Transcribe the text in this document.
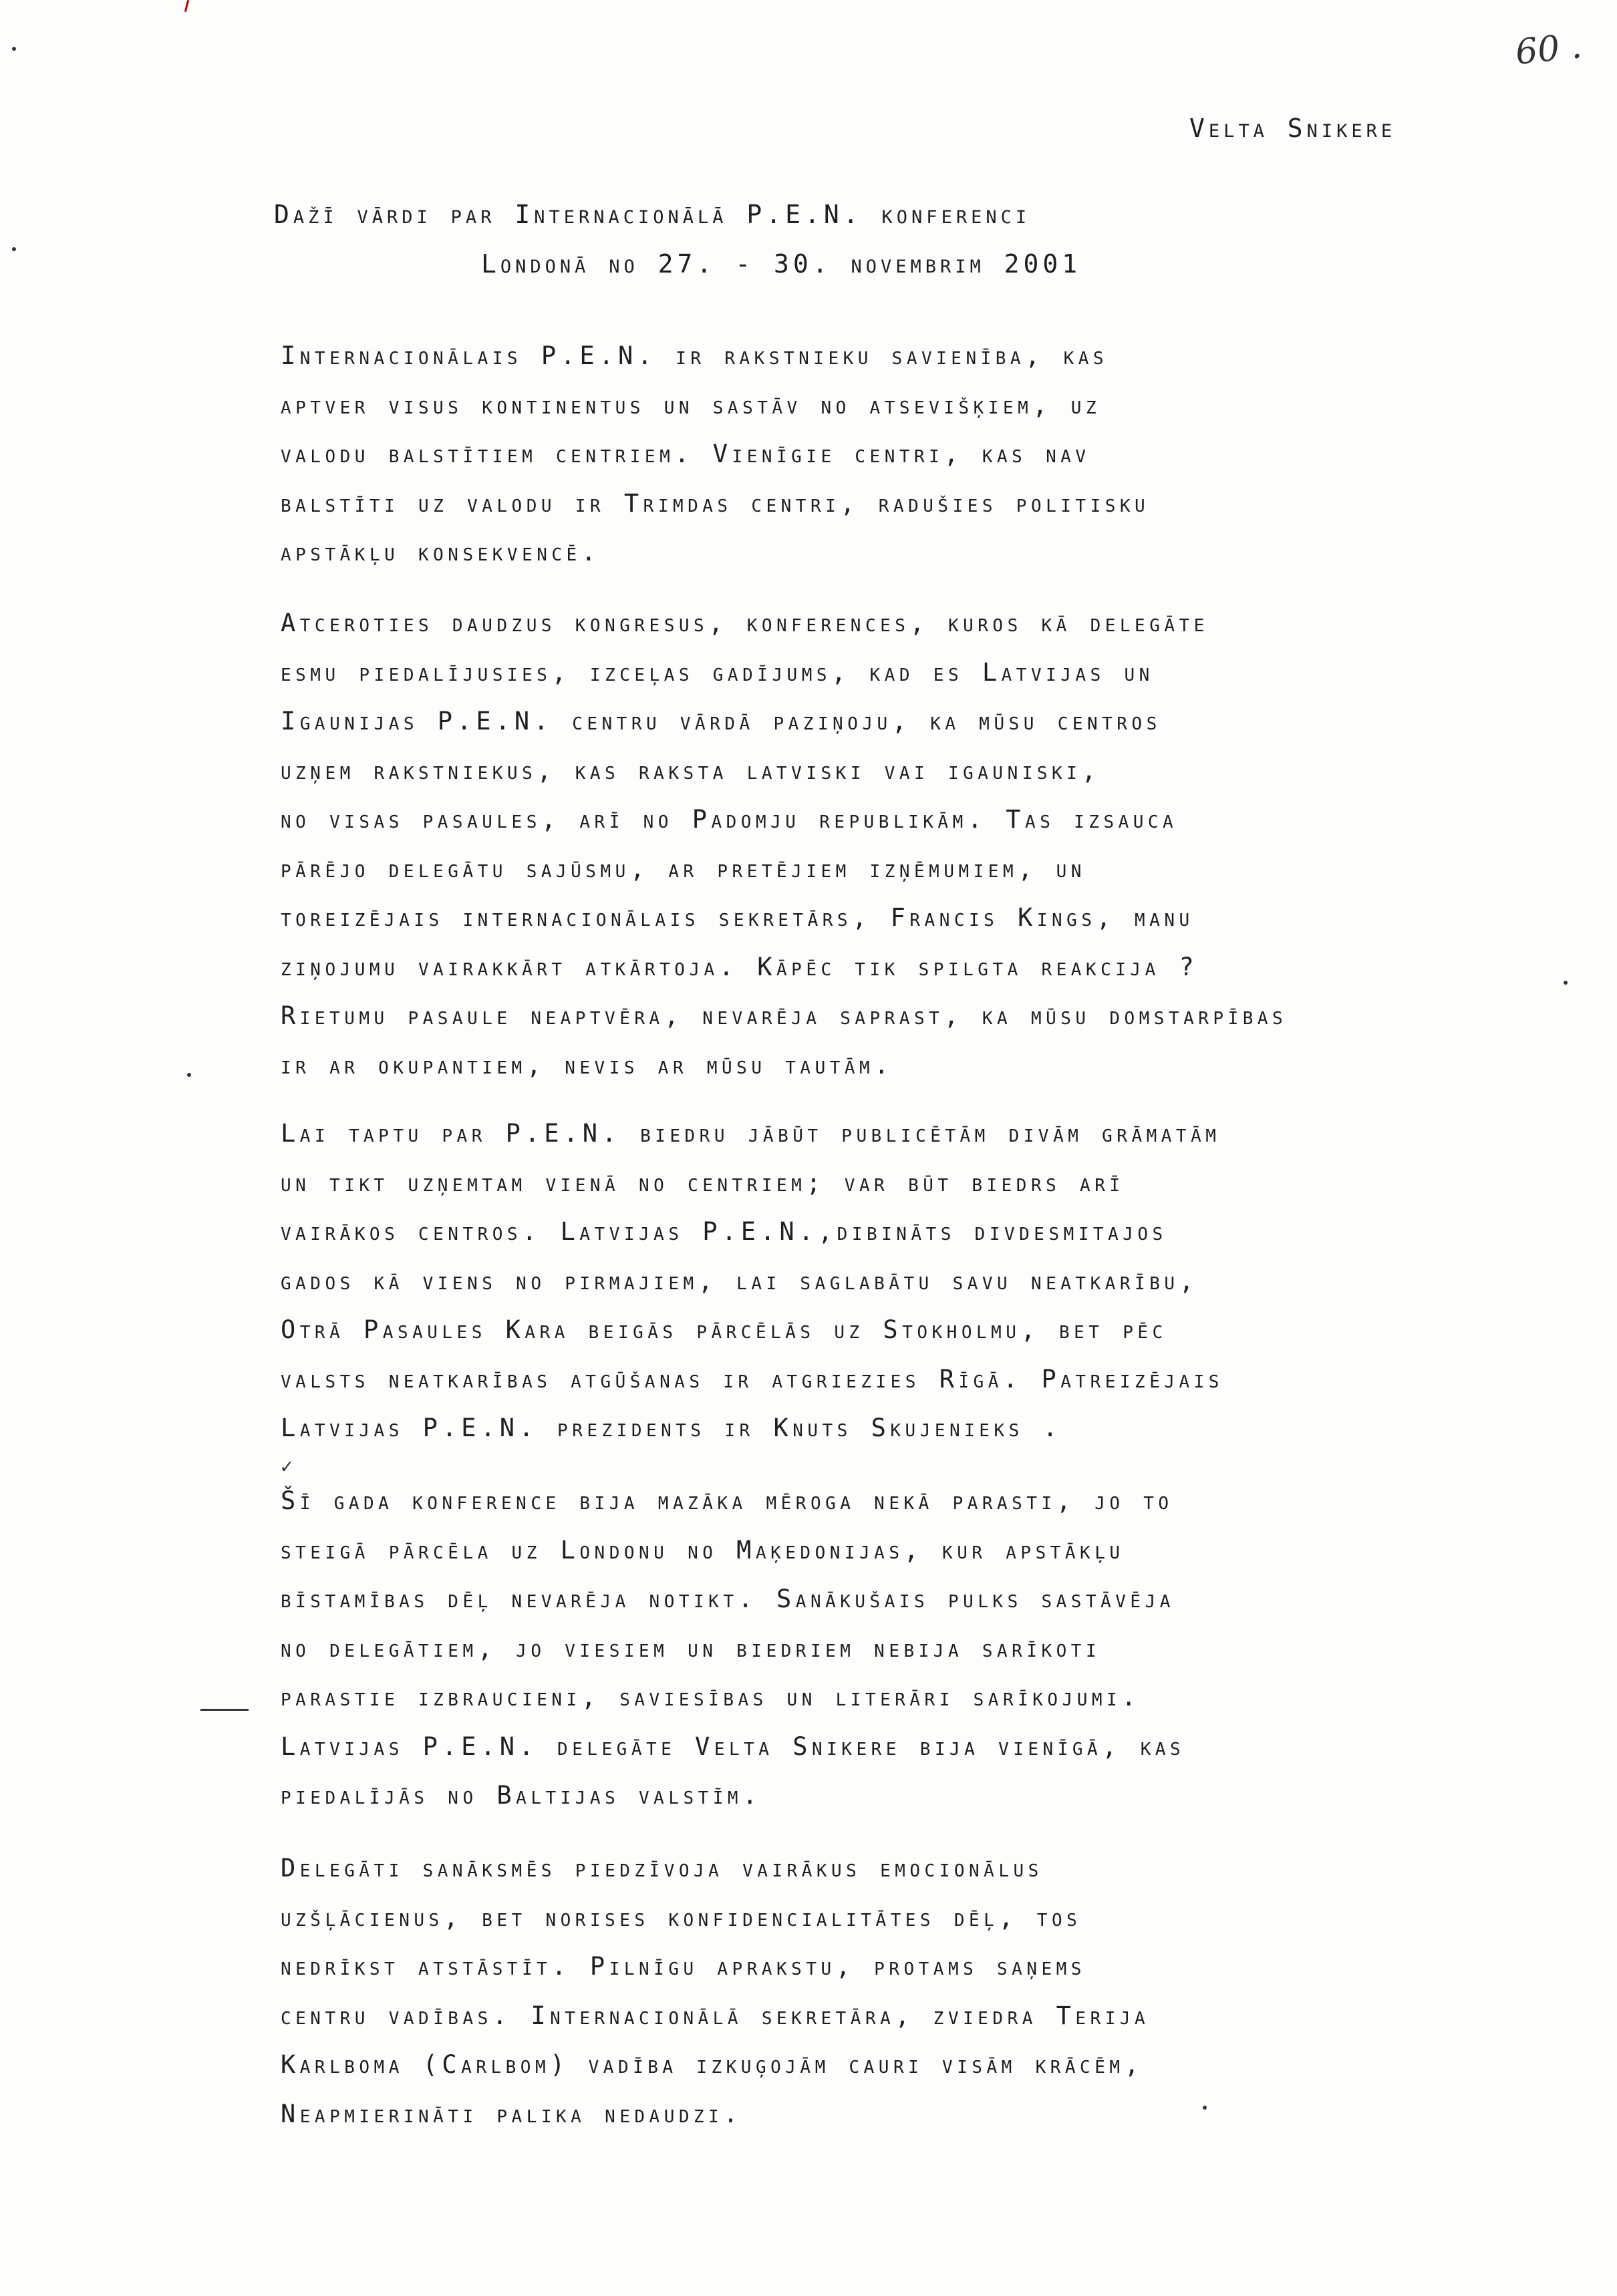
60 .
Velta Snikere
Dažī vārdi par Internacionālā P.E.N. konferenci
Londonā no 27. - 30. novembrim 2001
Internacionālais P.E.N. ir rakstnieku savienība, kas
aptver visus kontinentus un sastāv no atsevišķiem, uz
valodu balstītiem centriem. Vienīgie centri, kas nav
balstīti uz valodu ir Trimdas centri, radušies politisku
apstākļu konsekvencē.
Atceroties daudzus kongresus, konferences, kuros kā delegāte
esmu piedalījusies, izceļas gadījums, kad es Latvijas un
Igaunijas P.E.N. centru vārdā paziņoju, ka mūsu centros
uzņem rakstniekus, kas raksta latviski vai igauniski,
no visas pasaules, arī no Padomju republikām. Tas izsauca
pārējo delegātu sajūsmu, ar pretējiem izņēmumiem, un
toreizējais internacionālais sekretārs, Francis Kings, manu
ziņojumu vairakkārt atkārtoja. Kāpēc tik spilgta reakcija ?
Rietumu pasaule neaptvēra, nevarēja saprast, ka mūsu domstarpības
ir ar okupantiem, nevis ar mūsu tautām.
Lai taptu par P.E.N. biedru jābūt publicētām divām grāmatām
un tikt uzņemtam vienā no centriem; var būt biedrs arī
vairākos centros. Latvijas P.E.N.,dibināts divdesmitajos
gados kā viens no pirmajiem, lai saglabātu savu neatkarību,
Otrā Pasaules Kara beigās pārcēlās uz Stokholmu, bet pēc
valsts neatkarības atgūšanas ir atgriezies Rīgā. Patreizējais
Latvijas P.E.N. prezidents ir Knuts Skujenieks .
✓
Šī gada konference bija mazāka mēroga nekā parasti, jo to
steigā pārcēla uz Londonu no Maķedonijas, kur apstākļu
bīstamības dēļ nevarēja notikt. Sanākušais pulks sastāvēja
no delegātiem, jo viesiem un biedriem nebija sarīkoti
parastie izbraucieni, saviesības un literāri sarīkojumi.
Latvijas P.E.N. delegāte Velta Snikere bija vienīgā, kas
piedalījās no Baltijas valstīm.
Delegāti sanāksmēs piedzīvoja vairākus emocionālus
uzšļācienus, bet norises konfidencialitātes dēļ, tos
nedrīkst atstāstīt. Pilnīgu aprakstu, protams saņems
centru vadības. Internacionālā sekretāra, zviedra Terija
Karlboma (Carlbom) vadība izkuģojām cauri visām krācēm,
Neapmierināti palika nedaudzi.
